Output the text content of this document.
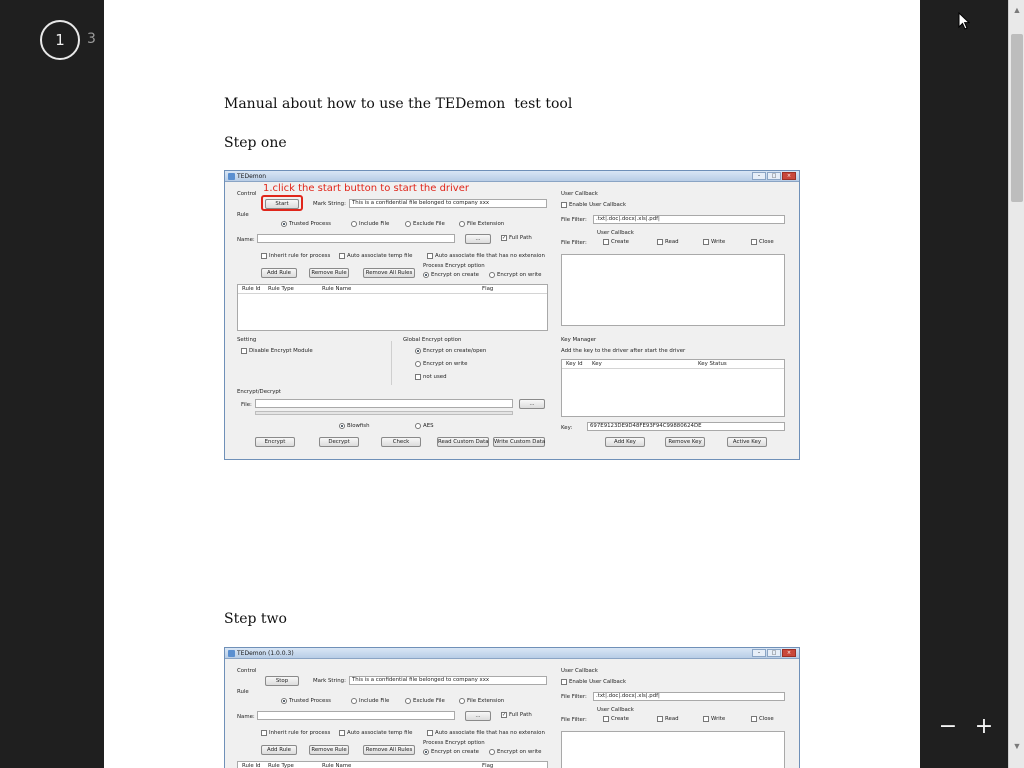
1	3
Manual about how to use the TEDemon  test tool
Step one
TEDemon	–	□	×
Control 1.click the start button to start the driver
Start	Mark String:	This is a confidential file belonged to company xxx
Rule
Trusted Process	Include File	Exclude File	File Extension
Name:	...	✓ Full Path
Inherit rule for process	Auto associate temp file	Auto associate file that has no extension
Process Encrypt option
Add Rule	Remove Rule	Remove All Rules	Encrypt on create	Encrypt on write
Rule Id Rule Type	Rule Name	Flag
Setting
Disable Encrypt Module
Global Encrypt option
Encrypt on create/open
Encrypt on write
not used
Encrypt/Decrypt
File:	...
Blowfish	AES
Encrypt	Decrypt	Check	Read Custom Data Write Custom Data
User Callback
Enable User Callback
File Filter:	.txt|.doc|.docx|.xls|.pdf|
User Callback
File Filter:	Create	Read	Write	Close
Key Manager
Add the key to the driver after start the driver
Key Id Key	Key Status
Key:	697E9123DE9D48FE93F94C99880624DE
Add Key	Remove Key	Active Key
Step two
TEDemon (1.0.0.3)	–	□	×
Control
Stop	Mark String:	This is a confidential file belonged to company xxx
Rule
Trusted Process	Include File	Exclude File	File Extension
Name:	...	✓ Full Path
Inherit rule for process	Auto associate temp file	Auto associate file that has no extension
Process Encrypt option
Add Rule	Remove Rule	Remove All Rules	Encrypt on create	Encrypt on write
Rule Id Rule Type	Rule Name	Flag
User Callback
Enable User Callback
File Filter:	.txt|.doc|.docx|.xls|.pdf|
User Callback
File Filter:	Create	Read	Write	Close	− +
▲
▼
